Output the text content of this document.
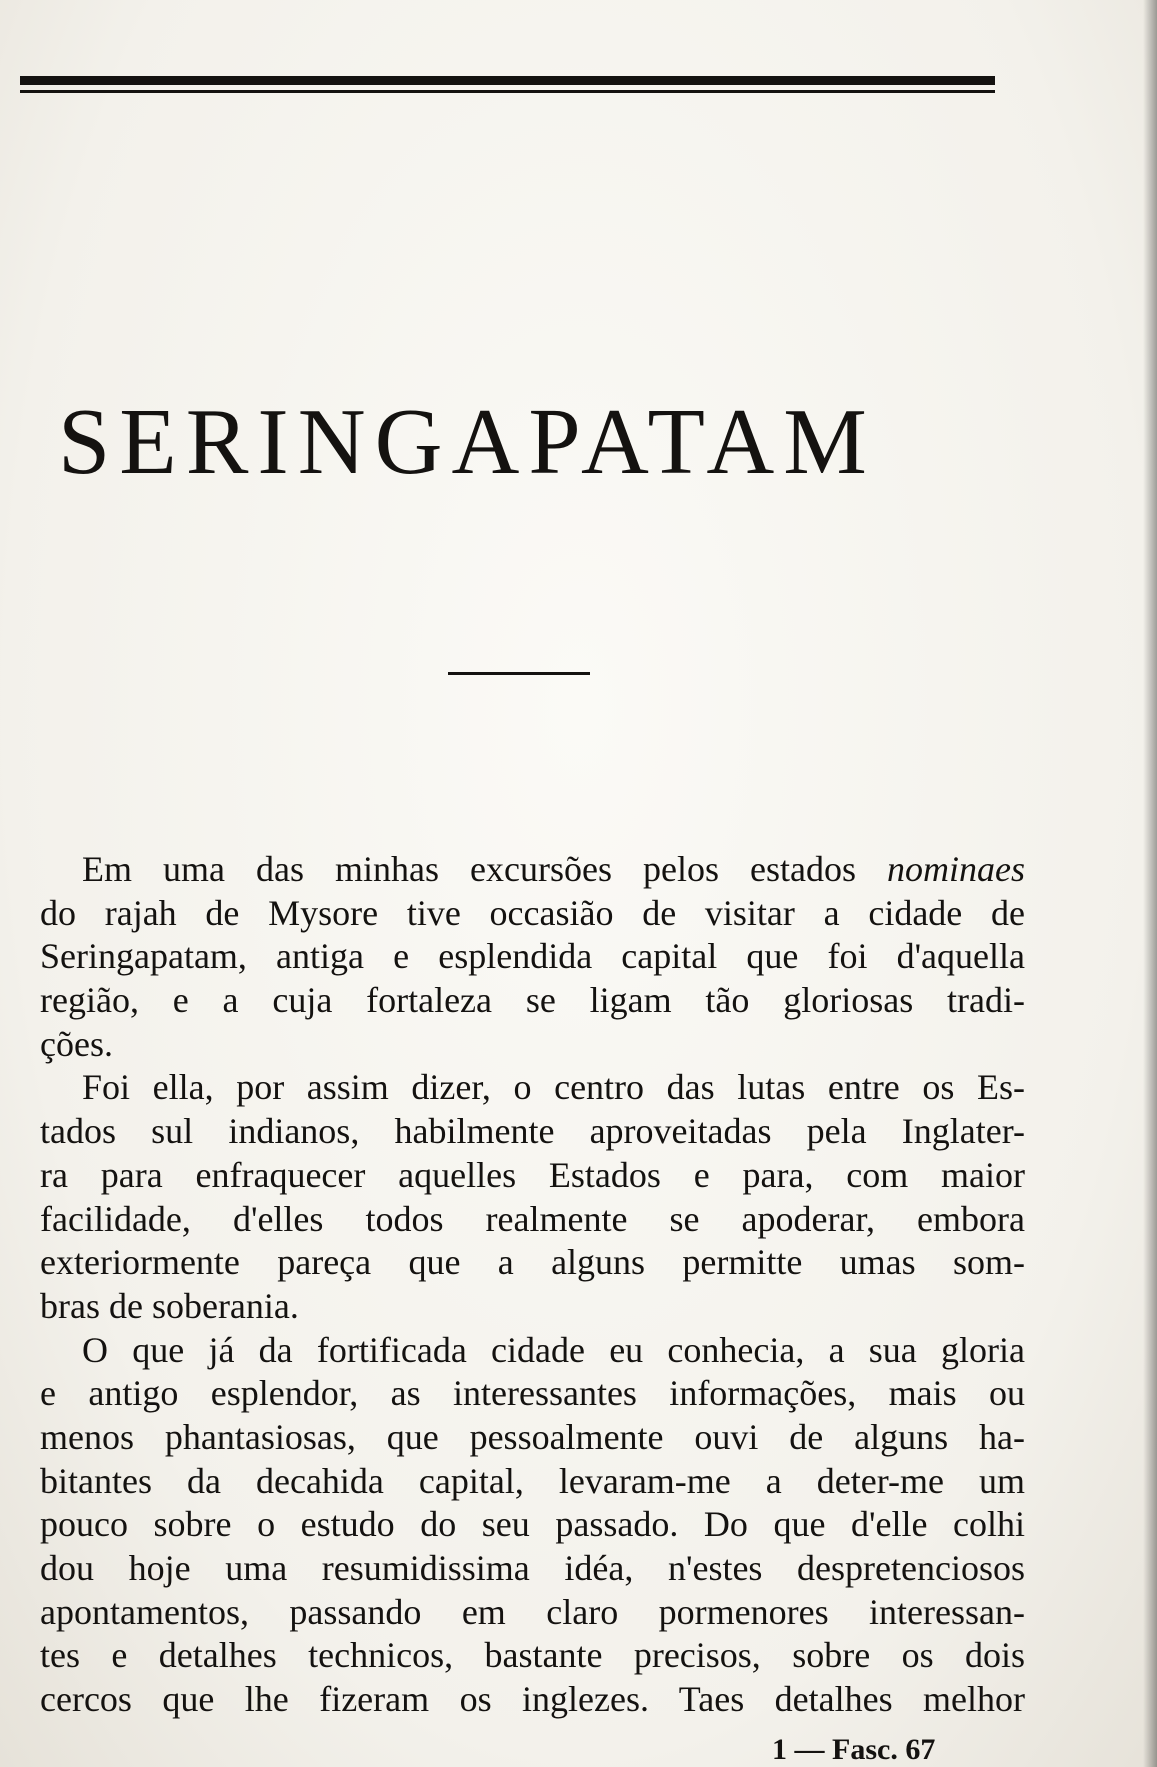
SERINGAPATAM
Em uma das minhas excursões pelos estados nominaes
do rajah de Mysore tive occasião de visitar a cidade de
Seringapatam, antiga e esplendida capital que foi d'aquella
região, e a cuja fortaleza se ligam tão gloriosas tradi-
ções.
Foi ella, por assim dizer, o centro das lutas entre os Es-
tados sul indianos, habilmente aproveitadas pela Inglater-
ra para enfraquecer aquelles Estados e para, com maior
facilidade, d'elles todos realmente se apoderar, embora
exteriormente pareça que a alguns permitte umas som-
bras de soberania.
O que já da fortificada cidade eu conhecia, a sua gloria
e antigo esplendor, as interessantes informações, mais ou
menos phantasiosas, que pessoalmente ouvi de alguns ha-
bitantes da decahida capital, levaram-me a deter-me um
pouco sobre o estudo do seu passado. Do que d'elle colhi
dou hoje uma resumidissima idéa, n'estes despretenciosos
apontamentos, passando em claro pormenores interessan-
tes e detalhes technicos, bastante precisos, sobre os dois
cercos que lhe fizeram os inglezes. Taes detalhes melhor
1 — Fasc. 67
